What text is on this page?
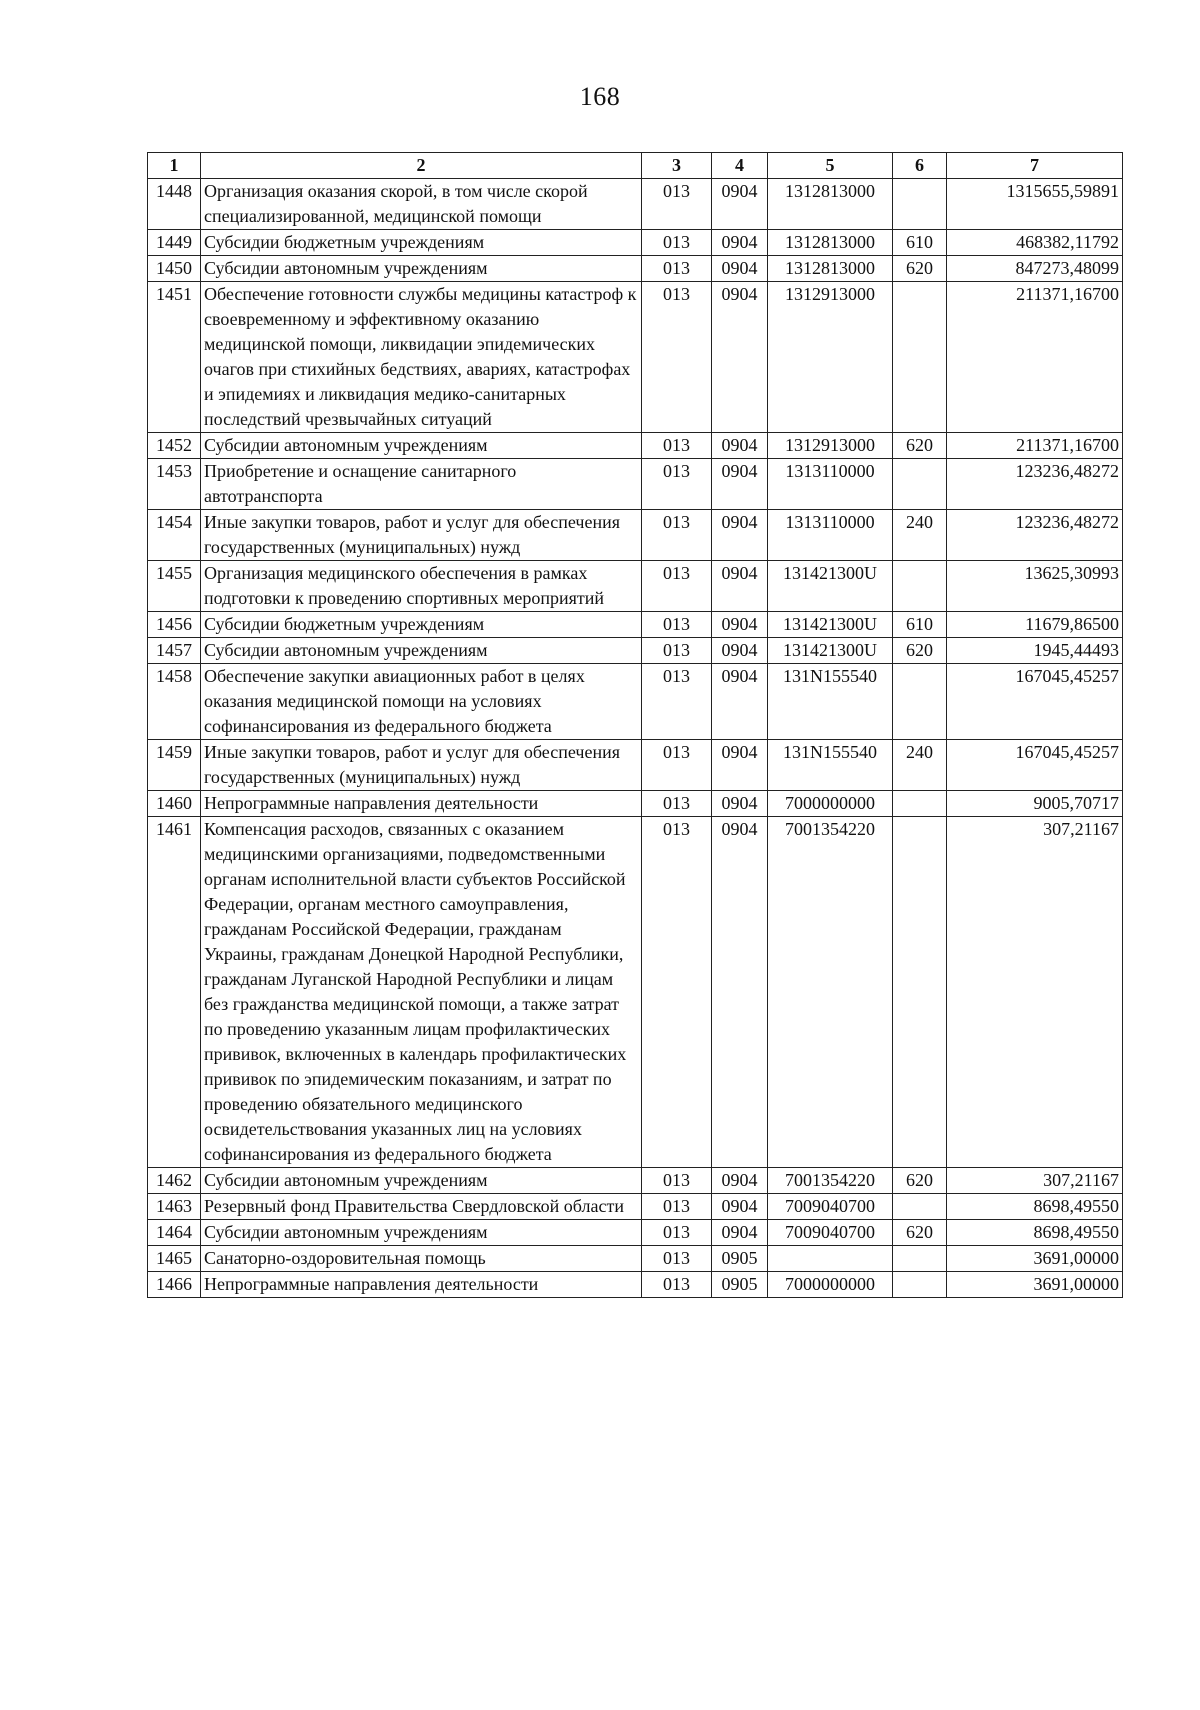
168
1	2	3	4	5	6	7
1448	Организация оказания скорой, в том числе скорой специализированной, медицинской помощи	013	0904	1312813000		1315655,59891
1449	Субсидии бюджетным учреждениям	013	0904	1312813000	610	468382,11792
1450	Субсидии автономным учреждениям	013	0904	1312813000	620	847273,48099
1451	Обеспечение готовности службы медицины катастроф к своевременному и эффективному оказанию медицинской помощи, ликвидации эпидемических очагов при стихийных бедствиях, авариях, катастрофах и эпидемиях и ликвидация медико-санитарных последствий чрезвычайных ситуаций	013	0904	1312913000		211371,16700
1452	Субсидии автономным учреждениям	013	0904	1312913000	620	211371,16700
1453	Приобретение и оснащение санитарного автотранспорта	013	0904	1313110000		123236,48272
1454	Иные закупки товаров, работ и услуг для обеспечения государственных (муниципальных) нужд	013	0904	1313110000	240	123236,48272
1455	Организация медицинского обеспечения в рамках подготовки к проведению спортивных мероприятий	013	0904	131421300U		13625,30993
1456	Субсидии бюджетным учреждениям	013	0904	131421300U	610	11679,86500
1457	Субсидии автономным учреждениям	013	0904	131421300U	620	1945,44493
1458	Обеспечение закупки авиационных работ в целях оказания медицинской помощи на условиях софинансирования из федерального бюджета	013	0904	131N155540		167045,45257
1459	Иные закупки товаров, работ и услуг для обеспечения государственных (муниципальных) нужд	013	0904	131N155540	240	167045,45257
1460	Непрограммные направления деятельности	013	0904	7000000000		9005,70717
1461	Компенсация расходов, связанных с оказанием медицинскими организациями, подведомственными органам исполнительной власти субъектов Российской Федерации, органам местного самоуправления, гражданам Российской Федерации, гражданам Украины, гражданам Донецкой Народной Республики, гражданам Луганской Народной Республики и лицам без гражданства медицинской помощи, а также затрат по проведению указанным лицам профилактических прививок, включенных в календарь профилактических прививок по эпидемическим показаниям, и затрат по проведению обязательного медицинского освидетельствования указанных лиц на условиях софинансирования из федерального бюджета	013	0904	7001354220		307,21167
1462	Субсидии автономным учреждениям	013	0904	7001354220	620	307,21167
1463	Резервный фонд Правительства Свердловской области	013	0904	7009040700		8698,49550
1464	Субсидии автономным учреждениям	013	0904	7009040700	620	8698,49550
1465	Санаторно-оздоровительная помощь	013	0905			3691,00000
1466	Непрограммные направления деятельности	013	0905	7000000000		3691,00000
